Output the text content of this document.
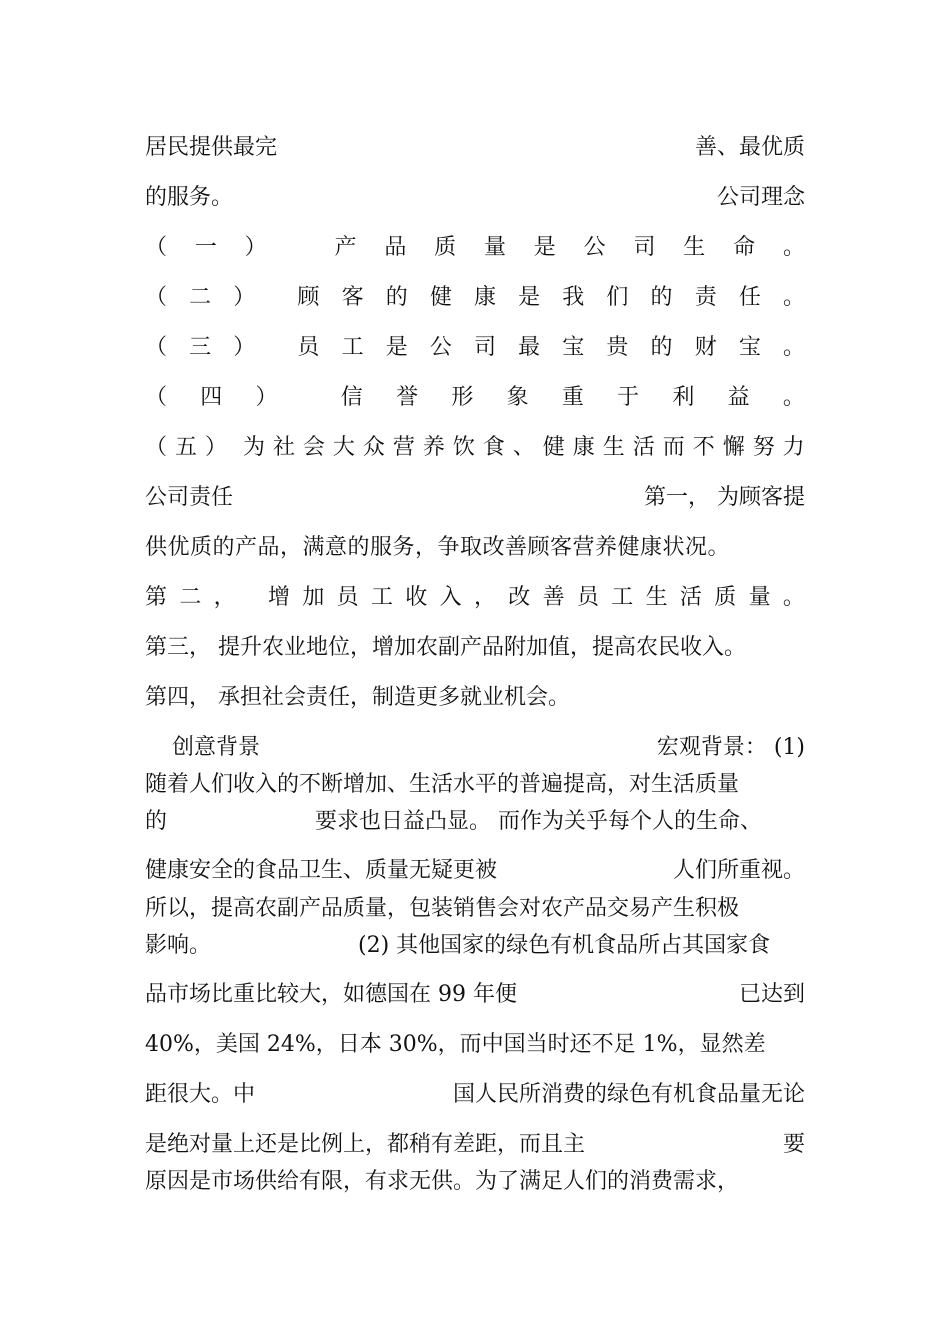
居民提供最完	善、最优质
的服务。	公司理念
（ 一 ）	产 品 质 量 是 公 司 生 命 。
（ 二 ） 顾 客 的 健 康 是 我 们 的 责 任 。
（ 三 ） 员 工 是 公 司 最 宝 贵 的 财 宝 。
（ 四 ）	信 誉 形 象 重 于 利 益 。
（ 五 ） 为 社 会 大 众 营 养 饮 食 、 健 康 生 活 而 不 懈 努 力
公司责任	第一， 为顾客提
供优质的产品，满意的服务，争取改善顾客营养健康状况。
第 二 ， 增 加 员 工 收 入 ， 改 善 员 工 生 活 质 量 。
第三， 提升农业地位，增加农副产品附加值，提高农民收入。
第四， 承担社会责任，制造更多就业机会。
创意背景	宏观背景： (1)
随着人们收入的不断增加、生活水平的普遍提高，对生活质量
的	要求也日益凸显。 而作为关乎每个人的生命、
健康安全的食品卫生、质量无疑更被	人们所重视。
所以，提高农副产品质量，包装销售会对农产品交易产生积极
影响。	(2) 其他国家的绿色有机食品所占其国家食
品市场比重比较大，如德国在 99 年便	已达到
40%，美国 24%，日本 30%，而中国当时还不足 1%，显然差
距很大。中	国人民所消费的绿色有机食品量无论
是绝对量上还是比例上，都稍有差距，而且主	要
原因是市场供给有限，有求无供。为了满足人们的消费需求，
